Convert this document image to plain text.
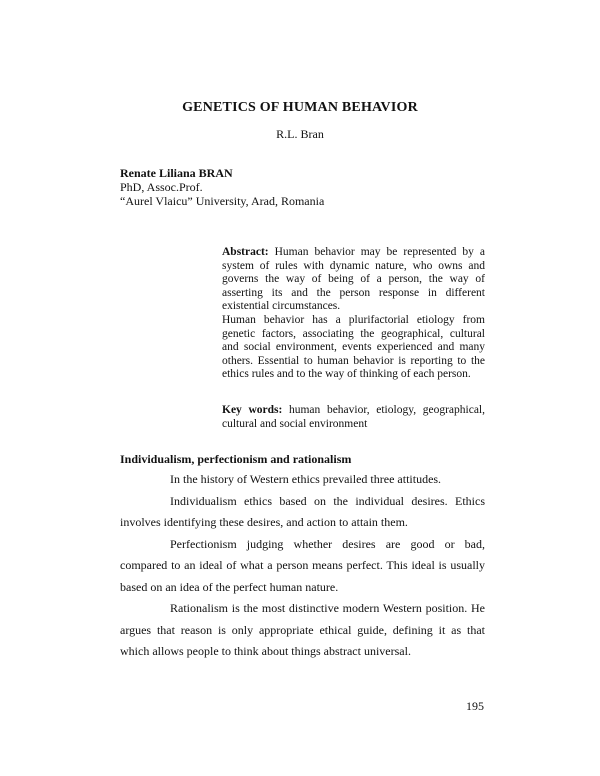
GENETICS OF HUMAN BEHAVIOR
R.L. Bran
Renate Liliana BRAN
PhD, Assoc.Prof.
“Aurel Vlaicu” University, Arad, Romania

Abstract: Human behavior may be represented by a system of rules with dynamic nature, who owns and governs the way of being of a person, the way of asserting its and the person response in different existential circumstances.

Human behavior has a plurifactorial etiology from genetic factors, associating the geographical, cultural and social environment, events experienced and many others. Essential to human behavior is reporting to the ethics rules and to the way of thinking of each person.

Key words: human behavior, etiology, geographical, cultural and social environment
Individualism, perfectionism and rationalism

In the history of Western ethics prevailed three attitudes.

Individualism ethics based on the individual desires. Ethics involves identifying these desires, and action to attain them.

Perfectionism judging whether desires are good or bad, compared to an ideal of what a person means perfect. This ideal is usually based on an idea of the perfect human nature.

Rationalism is the most distinctive modern Western position. He argues that reason is only appropriate ethical guide, defining it as that which allows people to think about things abstract universal.

195
